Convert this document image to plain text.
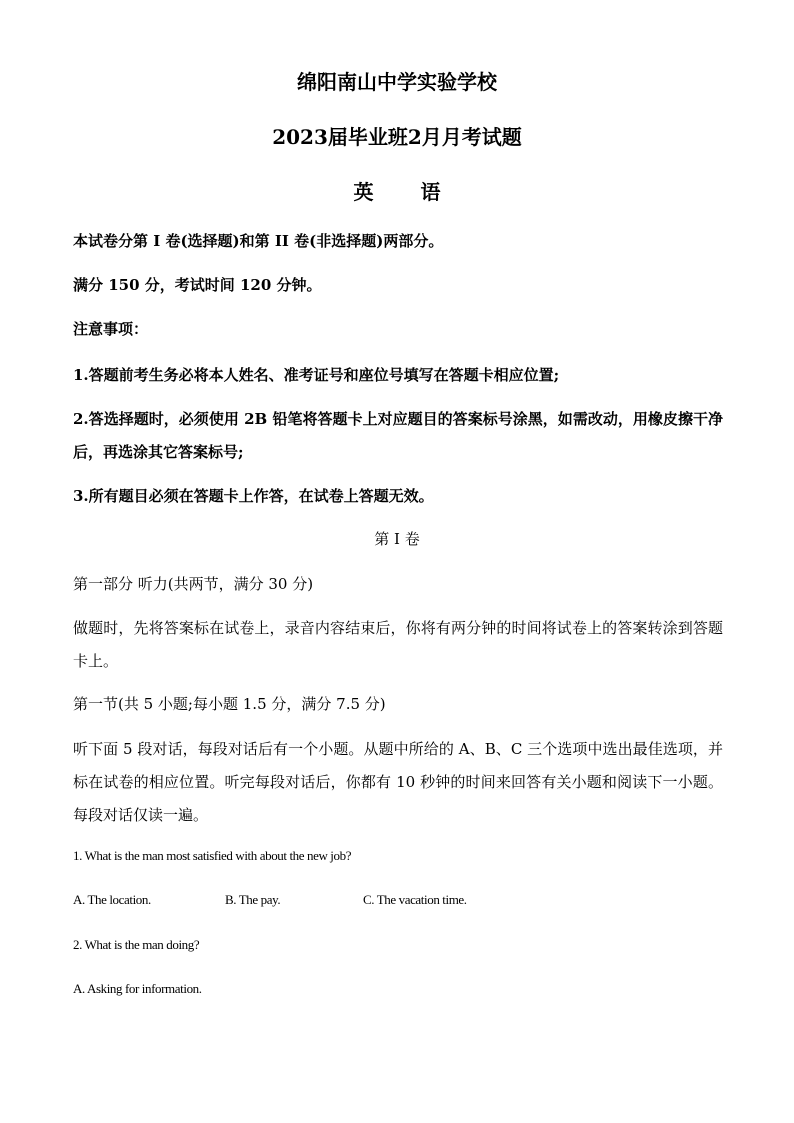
绵阳南山中学实验学校
2023届毕业班2月月考试题
英 语
本试卷分第 I 卷(选择题)和第 II 卷(非选择题)两部分。
满分 150 分，考试时间 120 分钟。
注意事项：
1.答题前考生务必将本人姓名、准考证号和座位号填写在答题卡相应位置;
2.答选择题时，必须使用 2B 铅笔将答题卡上对应题目的答案标号涂黑，如需改动，用橡皮擦干净后，再选涂其它答案标号;
3.所有题目必须在答题卡上作答，在试卷上答题无效。
第 I 卷
第一部分 听力(共两节，满分 30 分)
做题时，先将答案标在试卷上，录音内容结束后，你将有两分钟的时间将试卷上的答案转涂到答题卡上。
第一节(共 5 小题;每小题 1.5 分，满分 7.5 分)
听下面 5 段对话，每段对话后有一个小题。从题中所给的 A、B、C 三个选项中选出最佳选项，并标在试卷的相应位置。听完每段对话后，你都有 10 秒钟的时间来回答有关小题和阅读下一小题。每段对话仅读一遍。
1. What is the man most satisfied with about the new job?
A. The location.	B. The pay.	C. The vacation time.
2. What is the man doing?
A. Asking for information.
